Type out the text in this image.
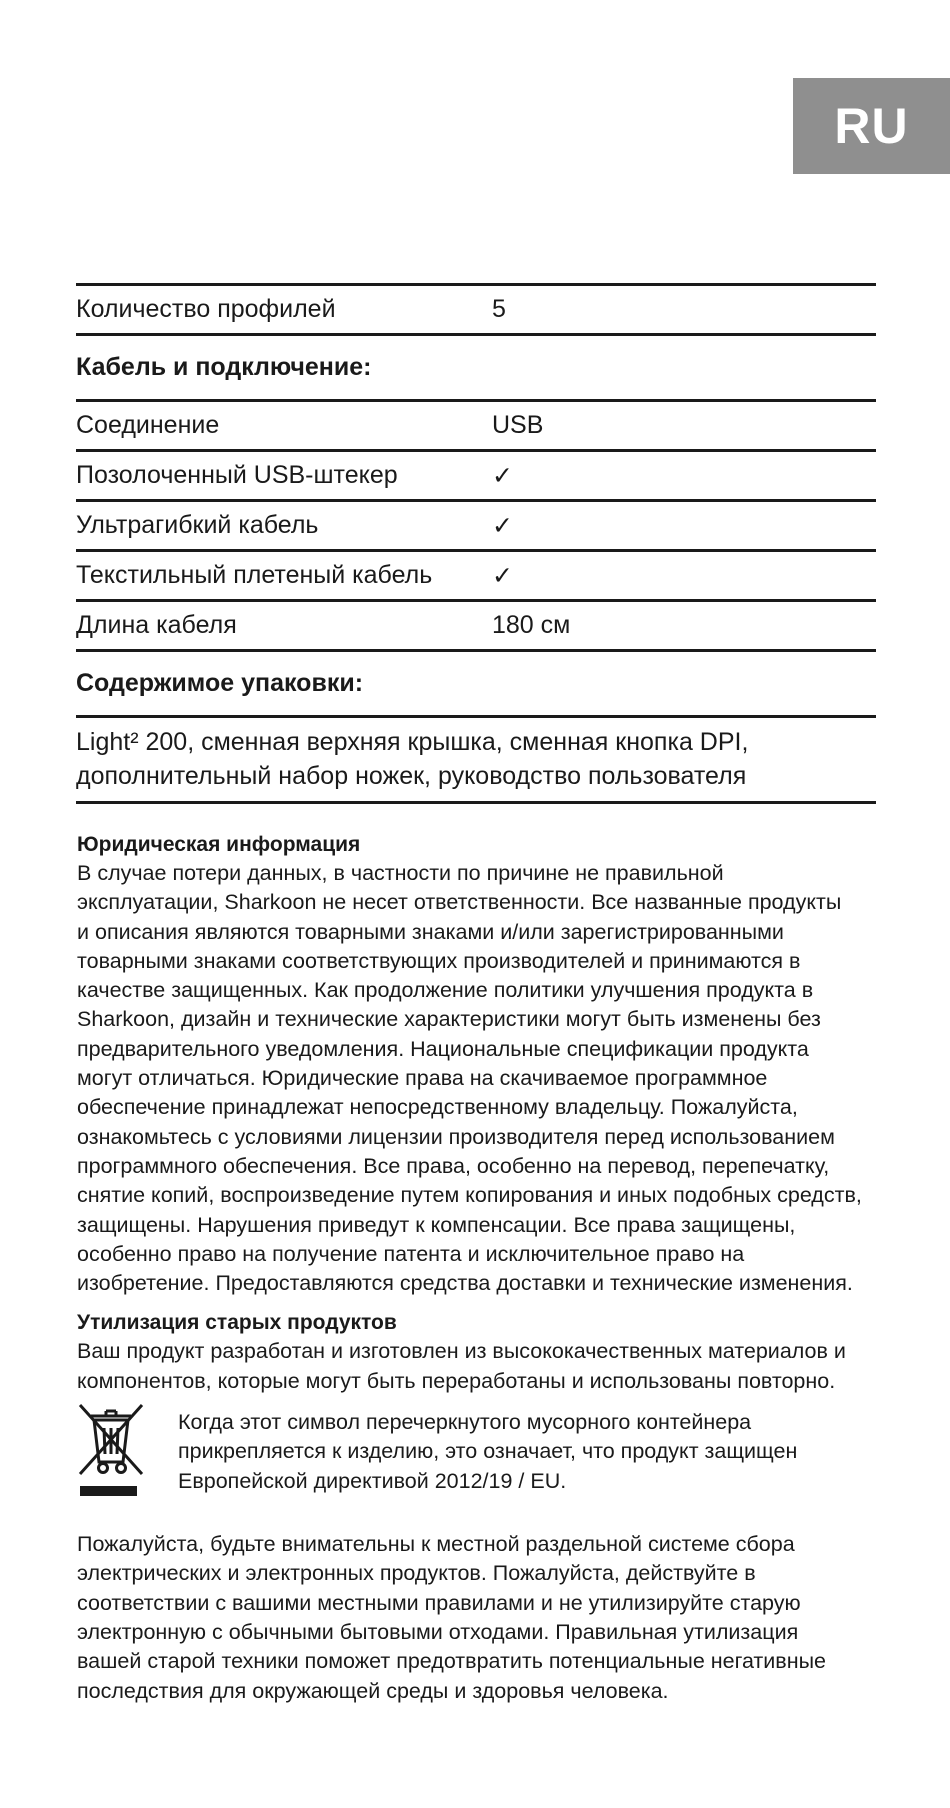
RU
Количество профилей	5
Кабель и подключение:
Соединение	USB
Позолоченный USB-штекер	✓
Ультрагибкий кабель	✓
Текстильный плетеный кабель	✓
Длина кабеля	180 см
Содержимое упаковки:
Light² 200, сменная верхняя крышка, сменная кнопка DPI,
дополнительный набор ножек, руководство пользователя
Юридическая информация

В случае потери данных, в частности по причине не правильной
эксплуатации, Sharkoon не несет ответственности. Все названные продукты
и описания являются товарными знаками и/или зарегистрированными
товарными знаками соответствующих производителей и принимаются в
качестве защищенных. Как продолжение политики улучшения продукта в
Sharkoon, дизайн и технические характеристики могут быть изменены без
предварительного уведомления. Национальные спецификации продукта
могут отличаться. Юридические права на скачиваемое программное
обеспечение принадлежат непосредственному владельцу. Пожалуйста,
ознакомьтесь с условиями лицензии производителя перед использованием
программного обеспечения. Все права, особенно на перевод, перепечатку,
снятие копий, воспроизведение путем копирования и иных подобных средств,
защищены. Нарушения приведут к компенсации. Все права защищены,
особенно право на получение патента и исключительное право на
изобретение. Предоставляются средства доставки и технические изменения.

Утилизация старых продуктов

Ваш продукт разработан и изготовлен из высококачественных материалов и
компонентов, которые могут быть переработаны и использованы повторно.

Когда этот символ перечеркнутого мусорного контейнера
прикрепляется к изделию, это означает, что продукт защищен
Европейской директивой 2012/19 / EU.

Пожалуйста, будьте внимательны к местной раздельной системе сбора
электрических и электронных продуктов. Пожалуйста, действуйте в
соответствии с вашими местными правилами и не утилизируйте старую
электронную с обычными бытовыми отходами. Правильная утилизация
вашей старой техники поможет предотвратить потенциальные негативные
последствия для окружающей среды и здоровья человека.
